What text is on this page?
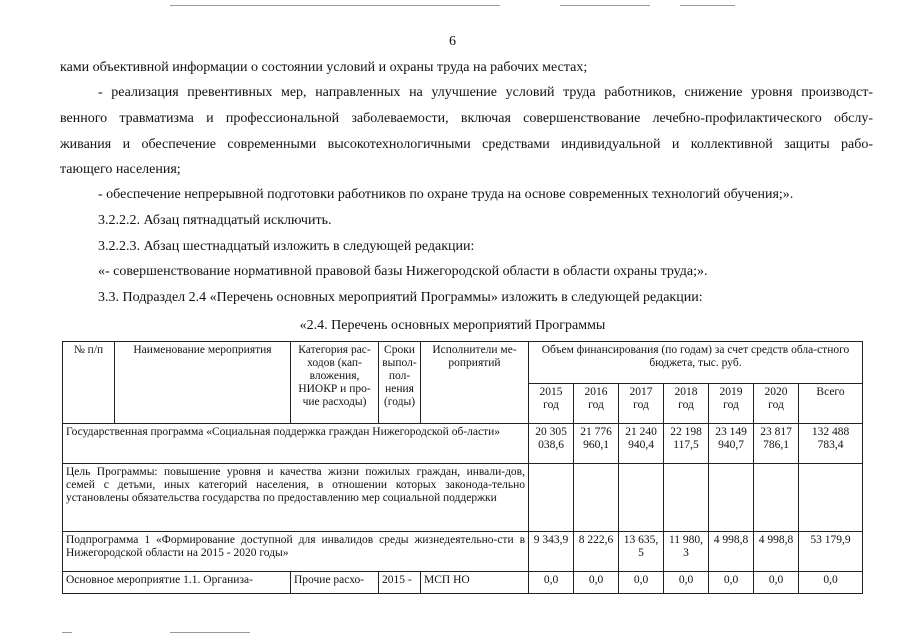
6
ками объективной информации о состоянии условий и охраны труда на рабочих местах;
- реализация превентивных мер, направленных на улучшение условий труда работников, снижение уровня производст-
венного травматизма и профессиональной заболеваемости, включая совершенствование лечебно-профилактического обслу-
живания и обеспечение современными высокотехнологичными средствами индивидуальной и коллективной защиты рабо-
тающего населения;
- обеспечение непрерывной подготовки работников по охране труда на основе современных технологий обучения;».
3.2.2.2. Абзац пятнадцатый исключить.
3.2.2.3. Абзац шестнадцатый изложить в следующей редакции:
«- совершенствование нормативной правовой базы Нижегородской области в области охраны труда;».
3.3. Подраздел 2.4 «Перечень основных мероприятий Программы» изложить в следующей редакции:
«2.4. Перечень основных мероприятий Программы
№ п/п	Наименование мероприятия	Категория рас-ходов (кап-вложения, НИОКР и про-чие расходы)	Сроки выпол-пол-нения (годы)	Исполнители ме-роприятий	Объем финансирования (по годам) за счет средств обла-стного бюджета, тыс. руб.						
					2015 год	2016 год	2017 год	2018 год	2019 год	2020 год	Всего
Государственная программа «Социальная поддержка граждан Нижегородской об-ласти»					20 305 038,6	21 776 960,1	21 240 940,4	22 198 117,5	23 149 940,7	23 817 786,1	132 488 783,4
Цель Программы: повышение уровня и качества жизни пожилых граждан, инвали-дов, семей с детьми, иных категорий населения, в отношении которых законода-тельно установлены обязательства государства по предоставлению мер социальной поддержки											
Подпрограмма 1 «Формирование доступной для инвалидов среды жизнедеятельно-сти в Нижегородской области на 2015 - 2020 годы»					9 343,9	8 222,6	13 635, 5	11 980, 3	4 998,8	4 998,8	53 179,9
Основное мероприятие 1.1. Организа-		Прочие расхо-	2015 -	МСП НО	0,0	0,0	0,0	0,0	0,0	0,0	0,0
